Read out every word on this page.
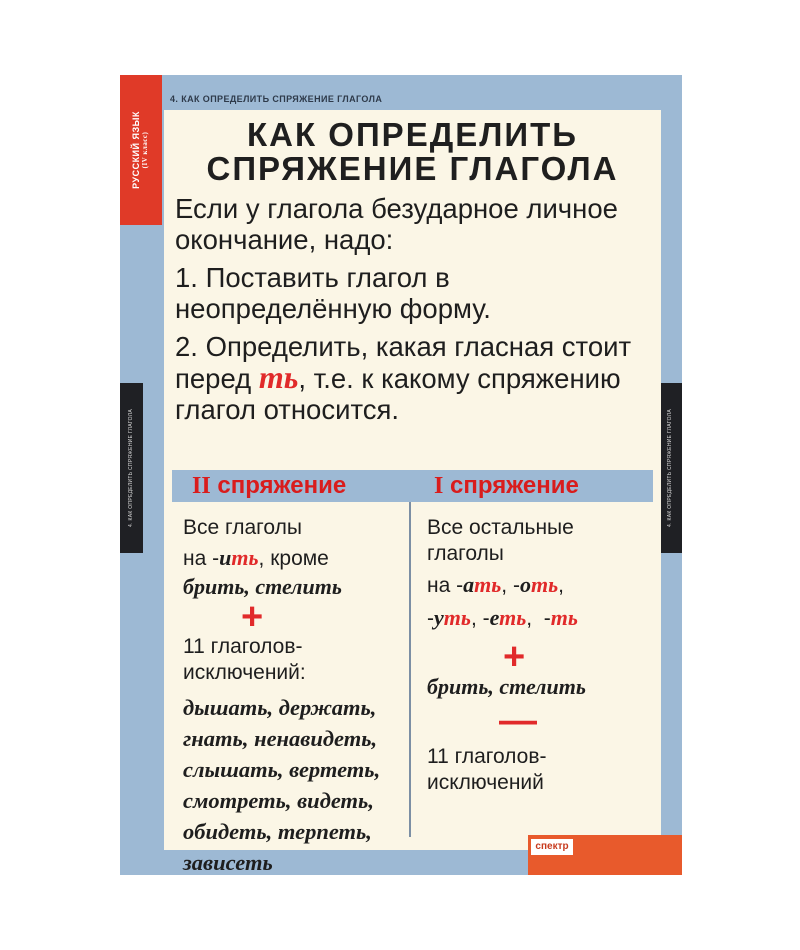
РУССКИЙ ЯЗЫК (IV класс)
4. КАК ОПРЕДЕЛИТЬ СПРЯЖЕНИЕ ГЛАГОЛА
4. КАК ОПРЕДЕЛИТЬ СПРЯЖЕНИЕ ГЛАГОЛА	4. КАК ОПРЕДЕЛИТЬ СПРЯЖЕНИЕ ГЛАГОЛА
КАК ОПРЕДЕЛИТЬ
СПРЯЖЕНИЕ ГЛАГОЛА

Если у глагола безударное личное окончание, надо:

1. Поставить глагол в неопределённую форму.

2. Определить, какая гласная стоит перед ть, т.е. к какому спряжению глагол относится.

II спряжение	I спряжение
Все глаголы
на -ить, кроме
брить, стелить
+
11 глаголов-исключений:
дышать, держать, гнать, ненавидеть, слышать, вертеть, смотреть, видеть, обидеть, терпеть, зависеть
Все остальные глаголы
на -ать, -оть,
-уть, -еть,  -ть
+
брить, стелить
—
11 глаголов-исключений
спектр
